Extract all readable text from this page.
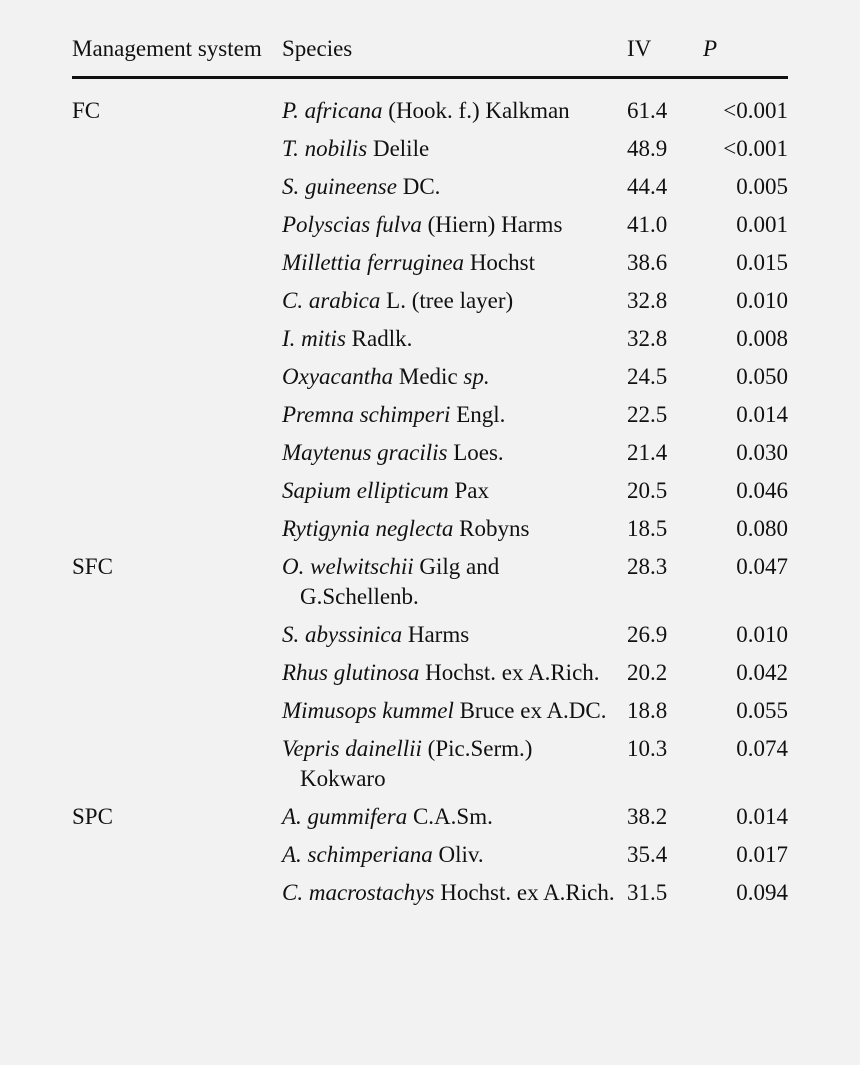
Management system	Species	IV	P
FC	P. africana (Hook. f.) Kalkman	61.4	<0.001
	T. nobilis Delile	48.9	<0.001
	S. guineense DC.	44.4	0.005
	Polyscias fulva (Hiern) Harms	41.0	0.001
	Millettia ferruginea Hochst	38.6	0.015
	C. arabica L. (tree layer)	32.8	0.010
	I. mitis Radlk.	32.8	0.008
	Oxyacantha Medic sp.	24.5	0.050
	Premna schimperi Engl.	22.5	0.014
	Maytenus gracilis Loes.	21.4	0.030
	Sapium ellipticum Pax	20.5	0.046
	Rytigynia neglecta Robyns	18.5	0.080
SFC	O. welwitschii Gilg and G.Schellenb.	28.3	0.047
	S. abyssinica Harms	26.9	0.010
	Rhus glutinosa Hochst. ex A.Rich.	20.2	0.042
	Mimusops kummel Bruce ex A.DC.	18.8	0.055
	Vepris dainellii (Pic.Serm.) Kokwaro	10.3	0.074
SPC	A. gummifera C.A.Sm.	38.2	0.014
	A. schimperiana Oliv.	35.4	0.017
	C. macrostachys Hochst. ex A.Rich.	31.5	0.094
